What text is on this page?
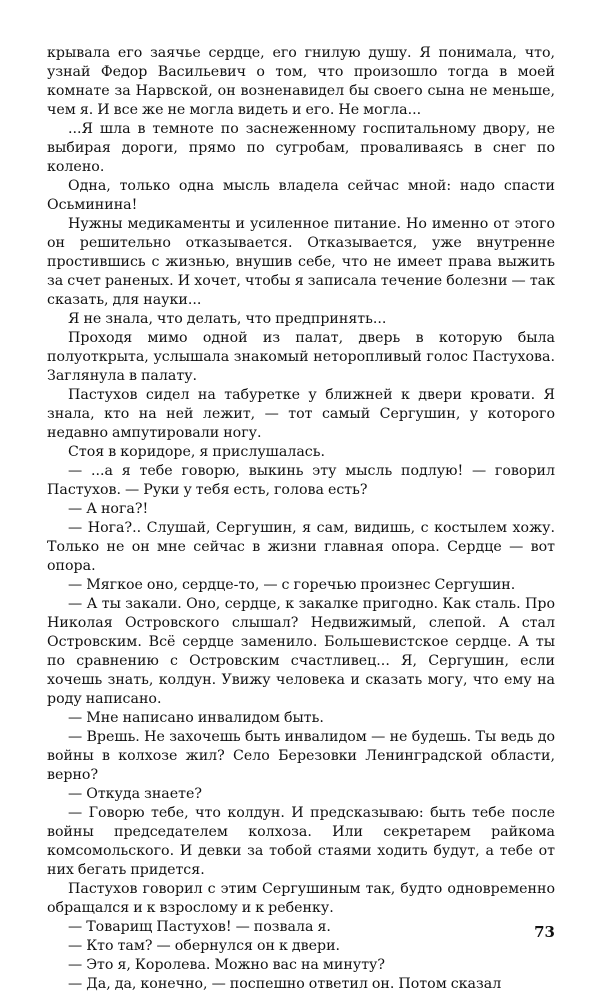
крывала его заячье сердце, его гнилую душу. Я понимала, что, узнай Федор Васильевич о том, что произошло тогда в моей комнате за Нарвской, он возненавидел бы своего сына не меньше, чем я. И все же не могла видеть и его. Не могла...

...Я шла в темноте по заснеженному госпитальному двору, не выбирая дороги, прямо по сугробам, проваливаясь в снег по колено.

Одна, только одна мысль владела сейчас мной: надо спасти Осьминина!

Нужны медикаменты и усиленное питание. Но именно от этого он решительно отказывается. Отказывается, уже внутренне простившись с жизнью, внушив себе, что не имеет права выжить за счет раненых. И хочет, чтобы я записала течение болезни — так сказать, для науки...

Я не знала, что делать, что предпринять...

Проходя мимо одной из палат, дверь в которую была полуоткрыта, услышала знакомый неторопливый голос Пастухова. Заглянула в палату.

Пастухов сидел на табуретке у ближней к двери кровати. Я знала, кто на ней лежит, — тот самый Сергушин, у которого недавно ампутировали ногу.

Стоя в коридоре, я прислушалась.

— ...а я тебе говорю, выкинь эту мысль подлую! — говорил Пастухов. — Руки у тебя есть, голова есть?

— А нога?!

— Нога?.. Слушай, Сергушин, я сам, видишь, с костылем хожу. Только не он мне сейчас в жизни главная опора. Сердце — вот опора.

— Мягкое оно, сердце-то, — с горечью произнес Сергушин.

— А ты закали. Оно, сердце, к закалке пригодно. Как сталь. Про Николая Островского слышал? Недвижимый, слепой. А стал Островским. Всё сердце заменило. Большевистское сердце. А ты по сравнению с Островским счастливец... Я, Сергушин, если хочешь знать, колдун. Увижу человека и сказать могу, что ему на роду написано.

— Мне написано инвалидом быть.

— Врешь. Не захочешь быть инвалидом — не будешь. Ты ведь до войны в колхозе жил? Село Березовки Ленинградской области, верно?

— Откуда знаете?

— Говорю тебе, что колдун. И предсказываю: быть тебе после войны председателем колхоза. Или секретарем райкома комсомольского. И девки за тобой стаями ходить будут, а тебе от них бегать придется.

Пастухов говорил с этим Сергушиным так, будто одновременно обращался и к взрослому и к ребенку.

— Товарищ Пастухов! — позвала я.

— Кто там? — обернулся он к двери.

— Это я, Королева. Можно вас на минуту?

— Да, да, конечно, — поспешно ответил он. Потом сказал

73
